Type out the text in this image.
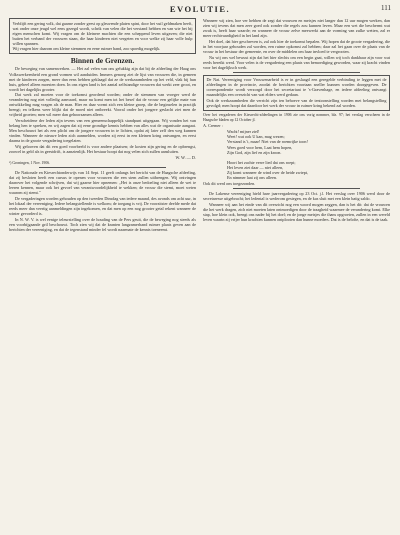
EVOLUTIE.	111

Verblijft een gering volk, dat gaarne zonder geest op gleuvende platen spint, door het vuil geldmaken heeft, wat onder onze jeugd wel eens gezegd wordt, schrik van velen die het verstand hebben en van wie het bij eigen menschen komt. Wij vragen om de kleinere machten die een scheppend leven uitgaven; die niet buiten het verband der vrouwen staan, die haar kinderen niet vergeten en voor welke zij haar volle hulp willen spannen.

Wij vragen hier daarom om kleine stemmen en eene ruimer band, zoo spoedig mogelijk.

Binnen de Grenzen.

De beweging van samenwerken. — Het zal velen van ons gelukkig zijn dat bij de afdeeling der Haag ons Volkswerkeenheid een grond vormen wil aanduiden. Immers genoeg ziet de lijst van vrouwen die, in gemeen met de kinderen zorgen, meer dan eens hebben geklaagd dat ze de werkzaamheden op het veld, vlak bij hun huis, geheel alleen moesten doen. In ons eigen land is het aantal zelfstandige vrouwen dat werkt zeer groot, en wordt het dagelijks grooter.

Dat werk zal moeten voor de toekomst geordend worden; onder de stemmen van vroeger werd de verandering nog niet volledig aanvaard, maar nu komt men tot het besef dat de vrouw een gelijke mate van ontwikkeling mag vragen als de man. Hier en daar vormt zich een kleine groep, die de beginselen in practijk brengt; en telkens weer blijkt dat de moed niet ontbreekt. Vooral onder het jongere geslacht ziet men de vrijheid groeien; men wil meer dan gehoorzamen alleen.

Verscheidene der leden zijn tevens van een gemeenschappelijk standpunt uitgegaan. Wij vonden het van belang hen te spreken, en wij zagen dat zij eene grondige kennis hebben van alles wat de organisatie aangaat. Men beschouwt het als een plicht om de jongere vrouwen in te lichten, opdat zij later zelf den weg kunnen vinden. Wanneer de nieuwe leden zich aanmelden, worden zij eerst in een kleinen kring ontvangen, en eerst daarna in de groote vergadering toegelaten.

Wij gelooven dat dit een goed voorbeeld is voor andere plaatsen; de kosten zijn gering en de opbrengst, zoowel in geld als in geestdrift, is aanzienlijk. Het bestuur hoopt dat nog velen zich zullen aansluiten.

W. W. — D.
¹) Groningen, 1 Nov. 1906.

De Nationale en Kiesrechtonderwijs van 14 Sept. 11 geeft onlangs het bericht van de Haagsche afdeeling, dat zij besloten heeft een cursus te openen voor vrouwen die een stem zullen uitbrengen. Wij ontvingen daarover het volgende schrijven, dat wij gaarne hier opnemen: „Het is onze bedoeling niet alleen de wet te leeren kennen, maar ook het gevoel van verantwoordelijkheid te wekken; de vrouw die stemt, moet weten waarom zij stemt."

De vergaderingen worden gehouden op den tweeden Dinsdag van iedere maand, des avonds om acht uur, in het lokaal der vereeniging. Iedere belangstellende is welkom; de toegang is vrij. De voorzitster deelde mede dat reeds meer dan veertig aanmeldingen zijn ingekomen, en dat men op een nog grooter getal rekent wanneer de winter gevorderd is.

In N. W. V. is wel eenige teleurstelling over de houding van de Pers geuit, die de beweging nog steeds als een voorbijgaande gril beschouwt. Toch zien wij dat de kranten langzamerhand ruimer plaats geven aan de berichten der vereeniging, en dat de tegenstand minder fel wordt naarmate de kennis toeneemt.

Wanneer wij zien, hoe ver hebben de zegt dat vrouwen en meisjes niet langer dan 12 uur mogen werken, dan zien wij tevens dat men zeer goed ook zonder die regels zou kunnen leven. Maar een wet die beschermt wat zwak is, heeft haar waarde; en wanneer de vrouw zelve meewerkt aan de vorming van zulke wetten, zal er meer rechtvaardigheid in het land zijn.

Het doel, dat hier geschreven is, zal ook hier de toekomst bepalen. Wij hopen dat de groote vergadering, die in het voorjaar gehouden zal worden, een ruime opkomst zal hebben; daar zal het gaan over de plaats van de vrouw in het bestuur der gemeente, en over de middelen om haar invloed te vergrooten.

Nu wij ons wel bewust zijn dat het hier slechts om een begin gaat, willen wij toch dankbaar zijn voor wat reeds bereikt werd. Voor velen is de vergadering een plaats van bemoediging geworden, waar zij kracht vinden voor het dagelijksch werk.

De Nat. Vereeniging voor Vrouwenarbeid is er in geslaagd een geregelde verbinding te leggen met de afdeelingen in de provincie, zoodat de berichten voortaan sneller kunnen worden doorgegeven. De correspondentie wordt verzorgd door het secretariaat te 's-Gravenhage, en iedere afdeeling ontvangt maandelijks een overzicht van wat elders werd gedaan.

Ook de werkzaamheden die verricht zijn ten behoeve van de tentoonstelling worden met belangstelling gevolgd; men hoopt dat daardoor het werk der vrouw in ruimer kring bekend zal worden.

Over het vergaderen der Kiesrecht-afdeelingen in 1906 zie ons vorig nommer, blz. 97; het verslag verscheen in de Haagsche bladen op 12 October jl.

A. Cremer :

Wacht! mijner ziel!
Weet! wat ook U kan, mag wezen;
Verstand is 't, maar! Niet van de roemrijke toon!
Wees goed voor hem, Laat hem hopen,
Zijn God, zijn lief en zijn kroon.

Hoort het zachte verre lied dat ons roept;
Het leven ziet daar — niet alleen,
Zij komt wanneer de wind over de heide zwiept,
En nimmer laat zij ons alleen.

Ook dit werd ons toegezonden.

De Lakense vereeniging hield hare jaarvergadering op 23 Oct. j.l. Het verslag over 1906 werd door de secretaresse uitgebracht; het ledental is wederom gestegen, en de kas sluit met een klein batig saldo.

Wanneer wij aan het einde van dit overzicht nog een woord mogen zeggen, dan is het dit: dat de vrouwen die het werk dragen, zich niet moeten laten ontmoedigen door de traagheid waarmee de verandering komt. Elke stap, hoe klein ook, brengt ons nader bij het doel; en de jonge meisjes die thans opgroeien, zullen in een wereld leven waarin zij vrijer hun krachten kunnen ontplooien dan hunne moeders. Dat is de belofte, en dat is de taak.
